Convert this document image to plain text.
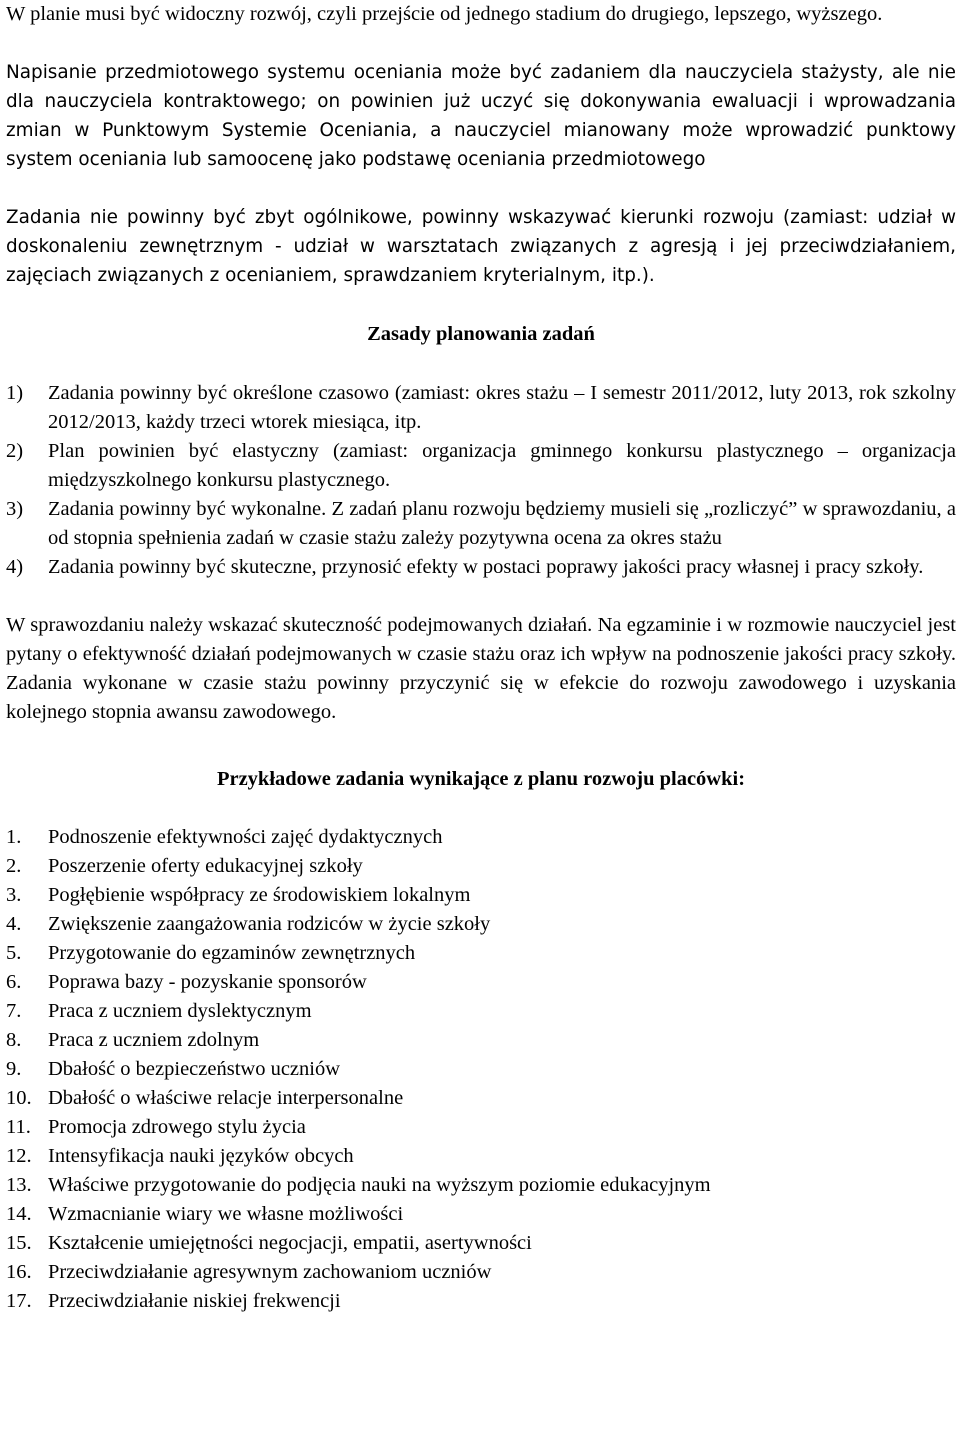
W planie musi być widoczny rozwój, czyli przejście od jednego stadium do drugiego, lepszego, wyższego.

Napisanie przedmiotowego systemu oceniania może być zadaniem dla nauczyciela stażysty, ale nie dla nauczyciela kontraktowego; on powinien już uczyć się dokonywania ewaluacji i wprowadzania zmian w Punktowym Systemie Oceniania, a nauczyciel mianowany może wprowadzić punktowy system oceniania lub samoocenę jako podstawę oceniania przedmiotowego

Zadania nie powinny być zbyt ogólnikowe, powinny wskazywać kierunki rozwoju (zamiast: udział w doskonaleniu zewnętrznym - udział w warsztatach związanych z agresją i jej przeciwdziałaniem, zajęciach związanych z ocenianiem, sprawdzaniem kryterialnym, itp.).

Zasady planowania zadań
1)	Zadania powinny być określone czasowo (zamiast: okres stażu – I semestr 2011/2012, luty 2013, rok szkolny 2012/2013, każdy trzeci wtorek miesiąca, itp.
2)	Plan powinien być elastyczny (zamiast: organizacja gminnego konkursu plastycznego – organizacja międzyszkolnego konkursu plastycznego.
3)	Zadania powinny być wykonalne. Z zadań planu rozwoju będziemy musieli się „rozliczyć” w sprawozdaniu, a od stopnia spełnienia zadań w czasie stażu zależy pozytywna ocena za okres stażu
4)	Zadania powinny być skuteczne, przynosić efekty w postaci poprawy jakości pracy własnej i pracy szkoły.

W sprawozdaniu należy wskazać skuteczność podejmowanych działań. Na egzaminie i w rozmowie nauczyciel jest pytany o efektywność działań podejmowanych w czasie stażu oraz ich wpływ na podnoszenie jakości pracy szkoły. Zadania wykonane w czasie stażu powinny przyczynić się w efekcie do rozwoju zawodowego i uzyskania kolejnego stopnia awansu zawodowego.

Przykładowe zadania wynikające z planu rozwoju placówki:
1.	Podnoszenie efektywności zajęć dydaktycznych
2.	Poszerzenie oferty edukacyjnej szkoły
3.	Pogłębienie współpracy ze środowiskiem lokalnym
4.	Zwiększenie zaangażowania rodziców w życie szkoły
5.	Przygotowanie do egzaminów zewnętrznych
6.	Poprawa bazy - pozyskanie sponsorów
7.	Praca z uczniem dyslektycznym
8.	Praca z uczniem zdolnym
9.	Dbałość o bezpieczeństwo uczniów
10. Dbałość o właściwe relacje interpersonalne
11. Promocja zdrowego stylu życia
12. Intensyfikacja nauki języków obcych
13. Właściwe przygotowanie do podjęcia nauki na wyższym poziomie edukacyjnym
14. Wzmacnianie wiary we własne możliwości
15. Kształcenie umiejętności negocjacji, empatii, asertywności
16. Przeciwdziałanie agresywnym zachowaniom uczniów
17. Przeciwdziałanie niskiej frekwencji
